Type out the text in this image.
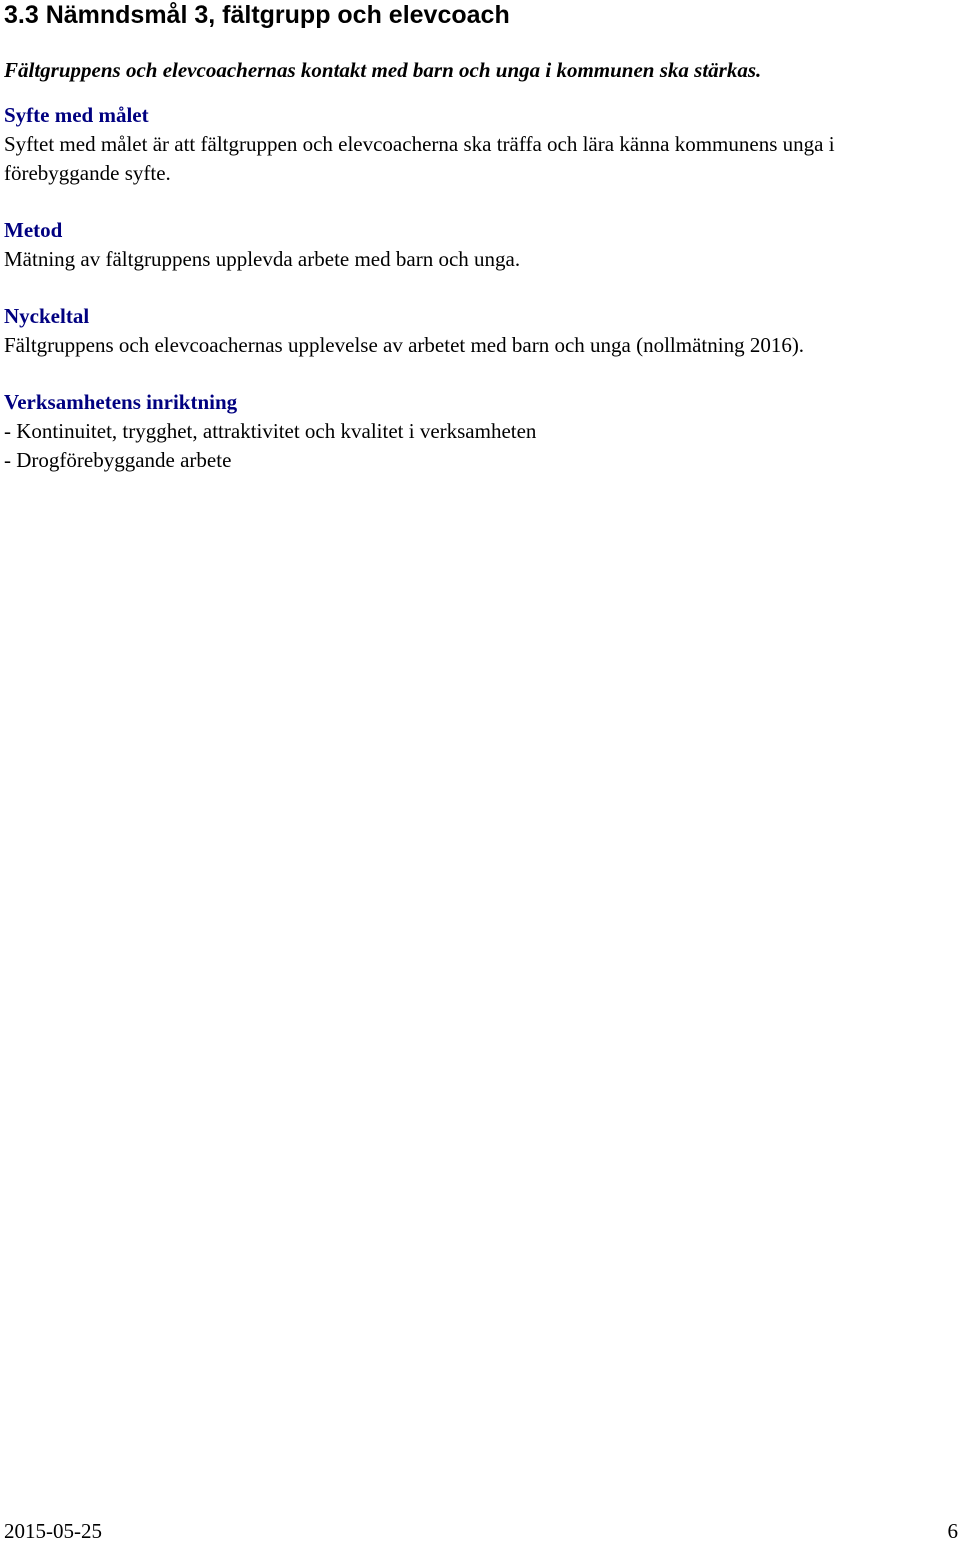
3.3 Nämndsmål 3, fältgrupp och elevcoach

Fältgruppens och elevcoachernas kontakt med barn och unga i kommunen ska stärkas.

Syfte med målet

Syftet med målet är att fältgruppen och elevcoacherna ska träffa och lära känna kommunens unga i förebyggande syfte.

Metod

Mätning av fältgruppens upplevda arbete med barn och unga.

Nyckeltal

Fältgruppens och elevcoachernas upplevelse av arbetet med barn och unga (nollmätning 2016).

Verksamhetens inriktning

- Kontinuitet, trygghet, attraktivitet och kvalitet i verksamheten

- Drogförebyggande arbete

2015-05-25	6
